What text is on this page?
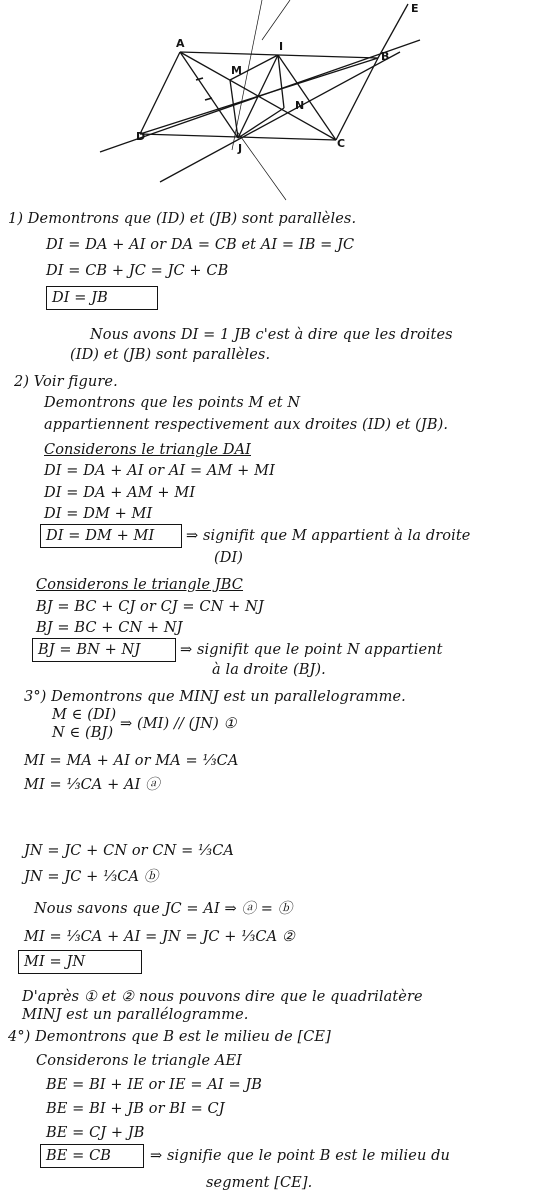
A	I
B
E
M
N
D
J	C
1) Demontrons que (ID) et (JB) sont parallèles.
DI = DA + AI or DA = CB et AI = IB = JC
DI = CB + JC = JC + CB
DI = JB
Nous avons DI = 1 JB c'est à dire que les droites
(ID) et (JB) sont parallèles.
2) Voir figure.
Demontrons que les points M et N
appartiennent respectivement aux droites (ID) et (JB).
Considerons le triangle DAI
DI = DA + AI or AI = AM + MI
DI = DA + AM + MI
DI = DM + MI
DI = DM + MI ⇒ signifit que M appartient à la droite
(DI)
Considerons le triangle JBC
BJ = BC + CJ or CJ = CN + NJ
BJ = BC + CN + NJ
BJ = BN + NJ	⇒ signifit que le point N appartient
à la droite (BJ).
3°) Demontrons que MINJ est un parallelogramme.
M ∈ (DI)
N ∈ (BJ)
⇒ (MI) // (JN) ①
MI = MA + AI or MA = ⅓CA
MI = ⅓CA + AI ⓐ
JN = JC + CN or CN = ⅓CA
JN = JC + ⅓CA ⓑ
Nous savons que JC = AI ⇒ ⓐ = ⓑ
MI = ⅓CA + AI = JN = JC + ⅓CA ②
MI = JN
D'après ① et ② nous pouvons dire que le quadrilatère
MINJ est un parallélogramme.
4°) Demontrons que B est le milieu de [CE]
Considerons le triangle AEI
BE = BI + IE or IE = AI = JB
BE = BI + JB or BI = CJ
BE = CJ + JB
BE = CB	⇒ signifie que le point B est le milieu du
segment [CE].
